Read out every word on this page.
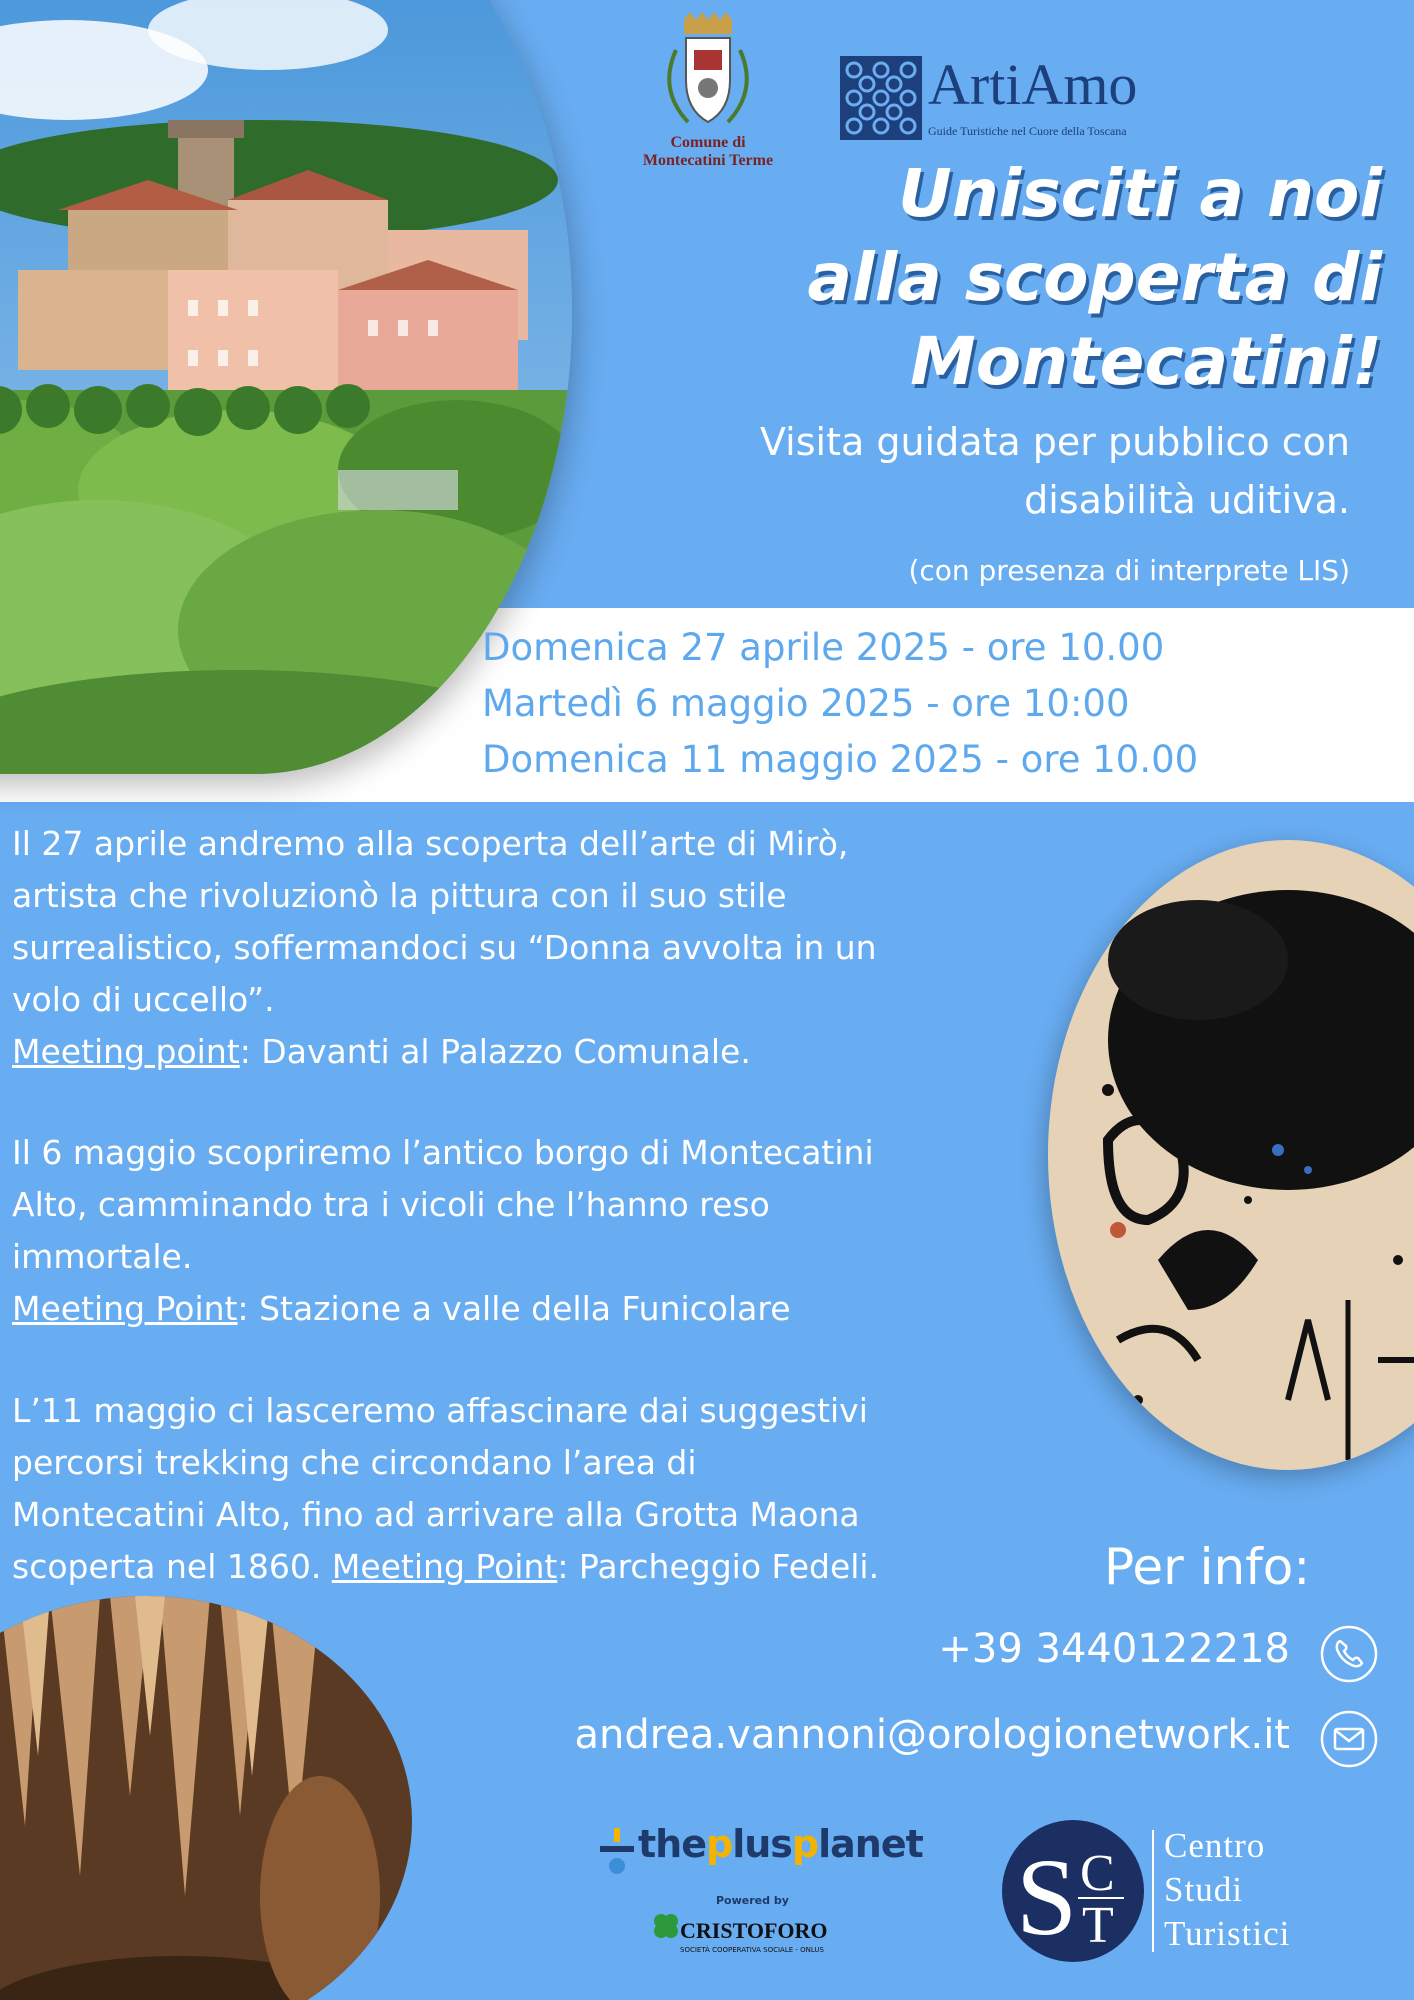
Comune di
Montecatini Terme
ArtiAmo
Guide Turistiche nel Cuore della Toscana
Unisciti a noi
alla scoperta di
Montecatini!
Visita guidata per pubblico con
disabilità uditiva.
(con presenza di interprete LIS)
Domenica 27 aprile 2025 - ore 10.00
Martedì 6 maggio 2025 - ore 10:00
Domenica 11 maggio 2025 - ore 10.00
Il 27 aprile andremo alla scoperta dell’arte di Mirò,
artista che rivoluzionò la pittura con il suo stile
surrealistico, soffermandoci su “Donna avvolta in un
volo di uccello”.
Meeting point: Davanti al Palazzo Comunale.
Il 6 maggio scopriremo l’antico borgo di Montecatini
Alto, camminando tra i vicoli che l’hanno reso
immortale.
Meeting Point: Stazione a valle della Funicolare
L’11 maggio ci lasceremo affascinare dai suggestivi
percorsi trekking che circondano l’area di
Montecatini Alto, fino ad arrivare alla Grotta Maona
scoperta nel 1860. Meeting Point: Parcheggio Fedeli.	Per info:
+39 3440122218
andrea.vannoni@orologionetwork.it
theplusplanet
Powered by
CRISTOFORO
SOCIETÀ COOPERATIVA SOCIALE - ONLUS S C
T
Centro
Studi
Turistici
